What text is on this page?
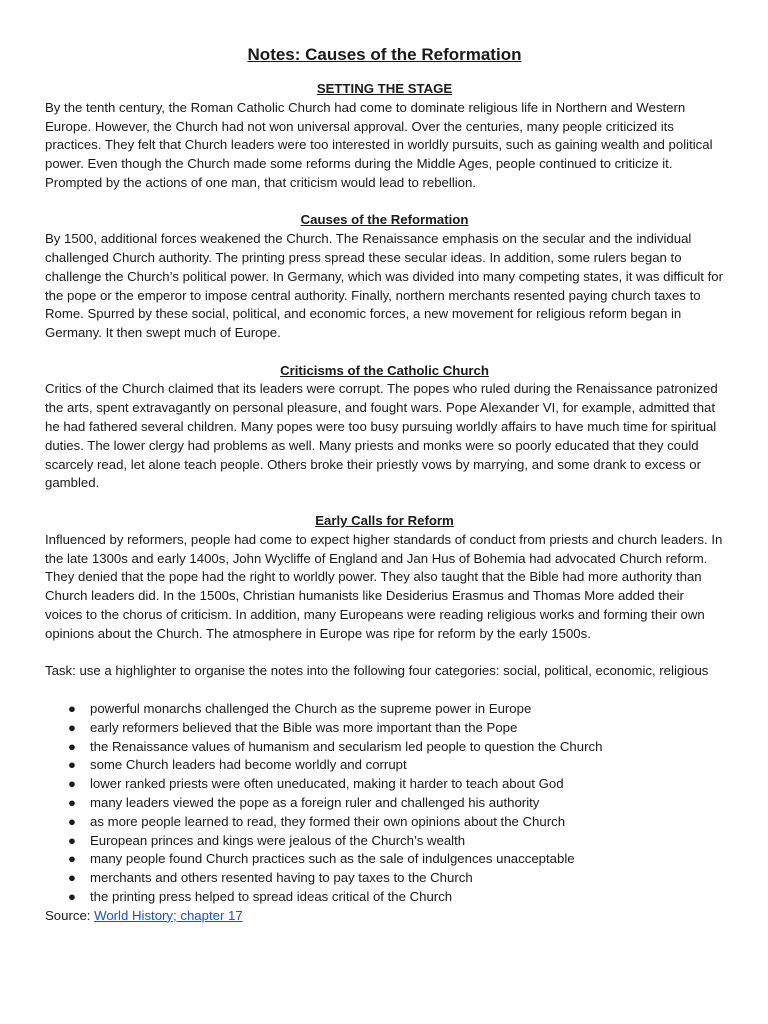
Notes: Causes of the Reformation
SETTING THE STAGE

By the tenth century, the Roman Catholic Church had come to dominate religious life in Northern and Western Europe. However, the Church had not won universal approval. Over the centuries, many people criticized its practices. They felt that Church leaders were too interested in worldly pursuits, such as gaining wealth and political power. Even though the Church made some reforms during the Middle Ages, people continued to criticize it. Prompted by the actions of one man, that criticism would lead to rebellion.

Causes of the Reformation

By 1500, additional forces weakened the Church. The Renaissance emphasis on the secular and the individual challenged Church authority. The printing press spread these secular ideas. In addition, some rulers began to challenge the Church’s political power. In Germany, which was divided into many competing states, it was difficult for the pope or the emperor to impose central authority. Finally, northern merchants resented paying church taxes to Rome. Spurred by these social, political, and economic forces, a new movement for religious reform began in Germany. It then swept much of Europe.

Criticisms of the Catholic Church

Critics of the Church claimed that its leaders were corrupt. The popes who ruled during the Renaissance patronized the arts, spent extravagantly on personal pleasure, and fought wars. Pope Alexander VI, for example, admitted that he had fathered several children. Many popes were too busy pursuing worldly affairs to have much time for spiritual duties. The lower clergy had problems as well. Many priests and monks were so poorly educated that they could scarcely read, let alone teach people. Others broke their priestly vows by marrying, and some drank to excess or gambled.

Early Calls for Reform

Influenced by reformers, people had come to expect higher standards of conduct from priests and church leaders. In the late 1300s and early 1400s, John Wycliffe of England and Jan Hus of Bohemia had advocated Church reform. They denied that the pope had the right to worldly power. They also taught that the Bible had more authority than Church leaders did. In the 1500s, Christian humanists like Desiderius Erasmus and Thomas More added their voices to the chorus of criticism. In addition, many Europeans were reading religious works and forming their own opinions about the Church. The atmosphere in Europe was ripe for reform by the early 1500s.

Task: use a highlighter to organise the notes into the following four categories: social, political, economic, religious

● powerful monarchs challenged the Church as the supreme power in Europe
● early reformers believed that the Bible was more important than the Pope
● the Renaissance values of humanism and secularism led people to question the Church
● some Church leaders had become worldly and corrupt
● lower ranked priests were often uneducated, making it harder to teach about God
● many leaders viewed the pope as a foreign ruler and challenged his authority
● as more people learned to read, they formed their own opinions about the Church
● European princes and kings were jealous of the Church’s wealth
● many people found Church practices such as the sale of indulgences unacceptable
● merchants and others resented having to pay taxes to the Church
● the printing press helped to spread ideas critical of the Church

Source: World History; chapter 17
